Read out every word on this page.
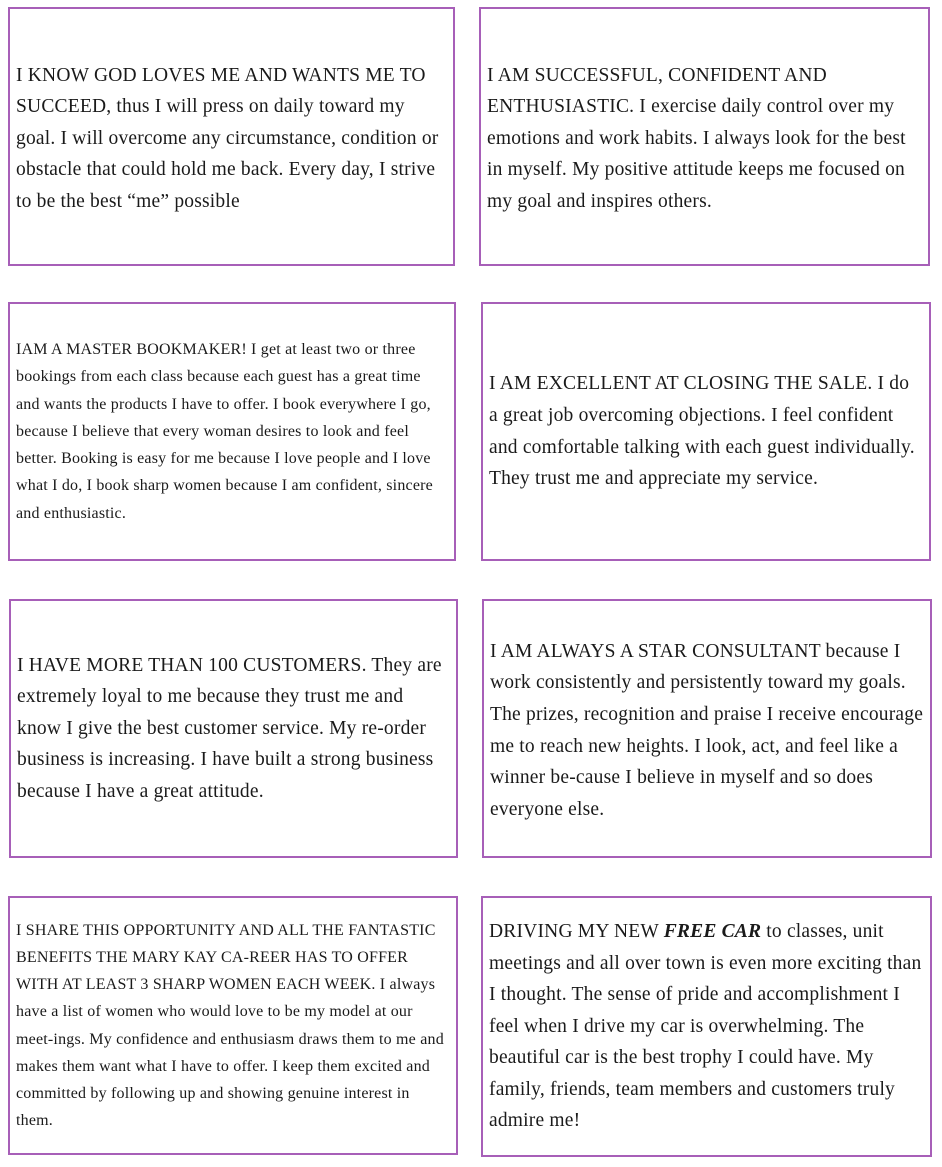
I KNOW GOD LOVES ME AND WANTS ME TO SUCCEED, thus I will press on daily toward my goal. I will overcome any circumstance, condition or obstacle that could hold me back. Every day, I strive to be the best “me” possible

I AM SUCCESSFUL, CONFIDENT AND ENTHUSIASTIC. I exercise daily control over my emotions and work habits. I always look for the best in myself. My positive attitude keeps me focused on my goal and inspires others.

IAM A MASTER BOOKMAKER! I get at least two or three bookings from each class because each guest has a great time and wants the products I have to offer. I book everywhere I go, because I believe that every woman desires to look and feel better. Booking is easy for me because I love people and I love what I do, I book sharp women because I am confident, sincere and enthusiastic.

I AM EXCELLENT AT CLOSING THE SALE. I do a great job overcoming objections. I feel confident and comfortable talking with each guest individually. They trust me and appreciate my service.

I HAVE MORE THAN 100 CUSTOMERS. They are extremely loyal to me because they trust me and know I give the best customer service. My re-order business is increasing. I have built a strong business because I have a great attitude.

I AM ALWAYS A STAR CONSULTANT because I work consistently and persistently toward my goals. The prizes, recognition and praise I receive encourage me to reach new heights. I look, act, and feel like a winner be-cause I believe in myself and so does everyone else.

I SHARE THIS OPPORTUNITY AND ALL THE FANTASTIC BENEFITS THE MARY KAY CA-REER HAS TO OFFER WITH AT LEAST 3 SHARP WOMEN EACH WEEK. I always have a list of women who would love to be my model at our meet-ings. My confidence and enthusiasm draws them to me and makes them want what I have to offer. I keep them excited and committed by following up and showing genuine interest in them.

DRIVING MY NEW FREE CAR to classes, unit meetings and all over town is even more exciting than I thought. The sense of pride and accomplishment I feel when I drive my car is overwhelming. The beautiful car is the best trophy I could have. My family, friends, team members and customers truly admire me!
